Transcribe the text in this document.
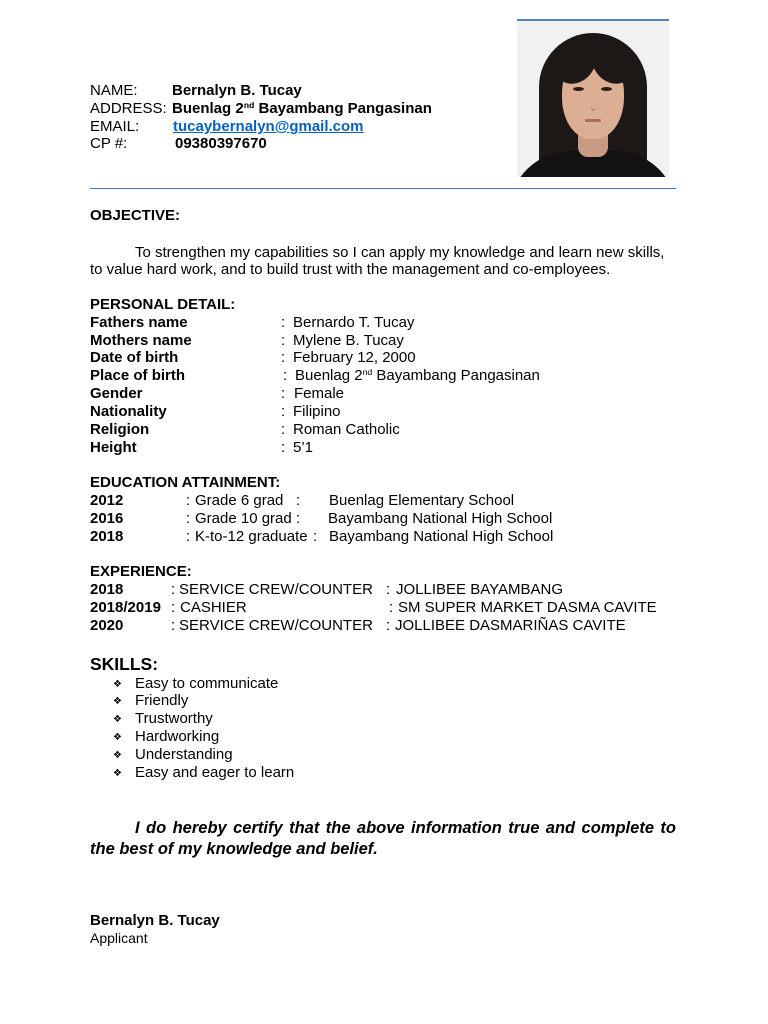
NAME: Bernalyn B. Tucay
ADDRESS: Buenlag 2nd Bayambang Pangasinan
EMAIL: tucaybernalyn@gmail.com
CP #:	09380397670
OBJECTIVE:
To strengthen my capabilities so I can apply my knowledge and learn new skills,
to value hard work, and to build trust with the management and co-employees.
PERSONAL DETAIL:
Fathers name	: Bernardo T. Tucay
Mothers name	: Mylene B. Tucay
Date of birth	: February 12, 2000
Place of birth	: Buenlag 2nd Bayambang Pangasinan
Gender	: Female
Nationality	: Filipino
Religion	: Roman Catholic
Height	: 5’1
EDUCATION ATTAINMENT:
2012	: Grade 6 grad : Buenlag Elementary School
2016	: Grade 10 grad : Bayambang National High School
2018	: K-to-12 graduate : Bayambang National High School
EXPERIENCE:
2018	: SERVICE CREW/COUNTER : JOLLIBEE BAYAMBANG
2018/2019 : CASHIER	: SM SUPER MARKET DASMA CAVITE
2020	: SERVICE CREW/COUNTER : JOLLIBEE DASMARIÑAS CAVITE
SKILLS:
❖ Easy to communicate
❖ Friendly
❖ Trustworthy
❖ Hardworking
❖ Understanding
❖ Easy and eager to learn
I do hereby certify that the above information true and complete to
the best of my knowledge and belief.
Bernalyn B. Tucay
Applicant
